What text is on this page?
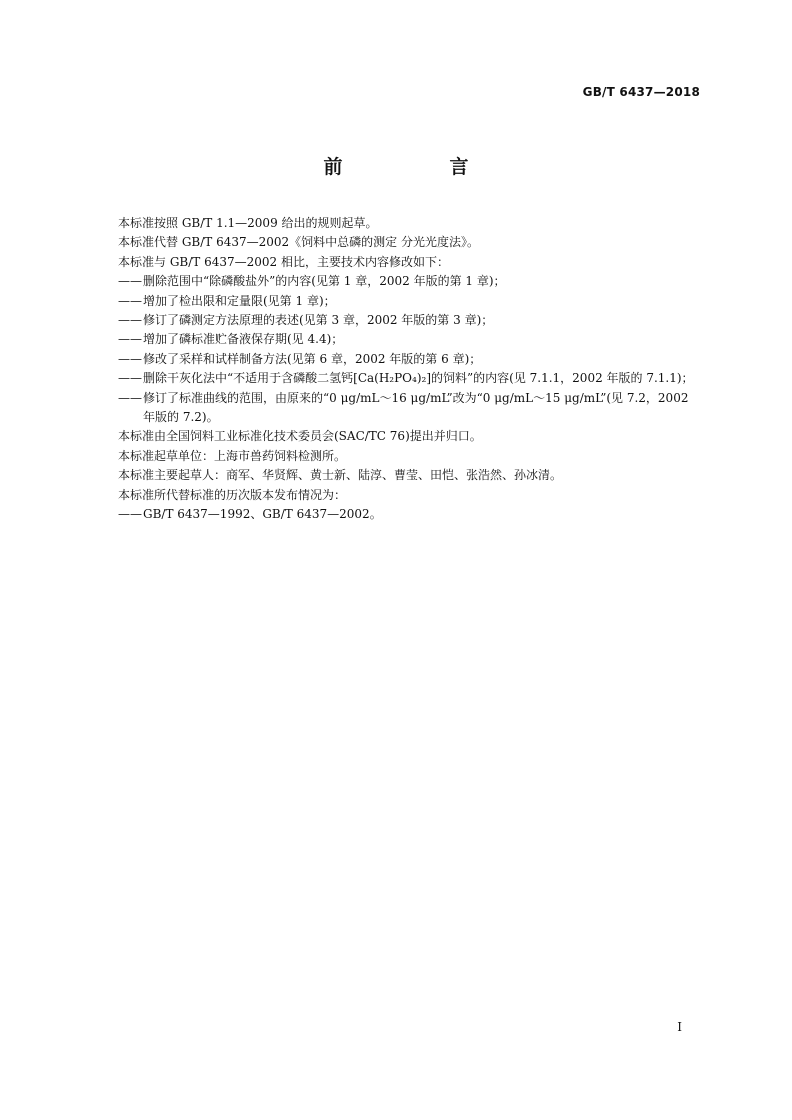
GB/T 6437—2018
前　言

本标准按照 GB/T 1.1—2009 给出的规则起草。

本标准代替 GB/T 6437—2002《饲料中总磷的测定 分光光度法》。

本标准与 GB/T 6437—2002 相比，主要技术内容修改如下：

—— 删除范围中“除磷酸盐外”的内容(见第 1 章，2002 年版的第 1 章)；

—— 增加了检出限和定量限(见第 1 章)；

—— 修订了磷测定方法原理的表述(见第 3 章，2002 年版的第 3 章)；

—— 增加了磷标准贮备液保存期(见 4.4)；

—— 修改了采样和试样制备方法(见第 6 章，2002 年版的第 6 章)；

—— 删除干灰化法中“不适用于含磷酸二氢钙[Ca(H₂PO₄)₂]的饲料”的内容(见 7.1.1，2002 年版的 7.1.1)；

—— 修订了标准曲线的范围，由原来的“0 μg/mL～16 μg/mL”改为“0 μg/mL～15 μg/mL”(见 7.2，2002 年版的 7.2)。

本标准由全国饲料工业标准化技术委员会(SAC/TC 76)提出并归口。

本标准起草单位：上海市兽药饲料检测所。

本标准主要起草人：商军、华贤辉、黄士新、陆淳、曹莹、田恺、张浩然、孙冰清。

本标准所代替标准的历次版本发布情况为：

—— GB/T 6437—1992、GB/T 6437—2002。

I
